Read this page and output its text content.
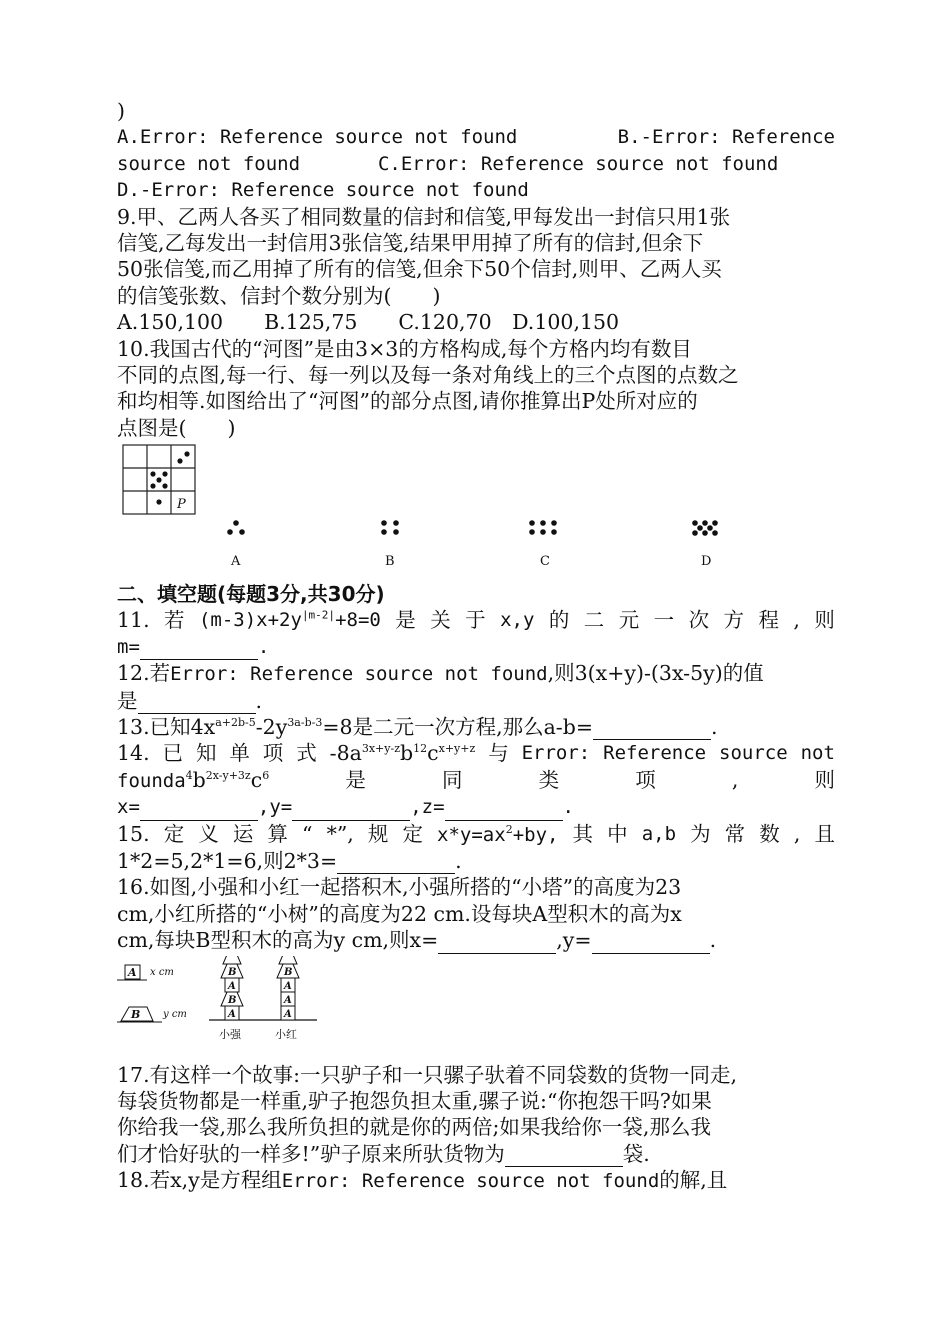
)

A.Error: Reference source not found	B.-Error: Reference

source not found	C.Error: Reference source not found

D.-Error: Reference source not found

9.甲、乙两人各买了相同数量的信封和信笺,甲每发出一封信只用1张

信笺,乙每发出一封信用3张信笺,结果甲用掉了所有的信封,但余下

50张信笺,而乙用掉了所有的信笺,但余下50个信封,则甲、乙两人买

的信笺张数、信封个数分别为(　　)

A.150,100　　B.125,75　　C.120,70　D.100,150

10.我国古代的“河图”是由3×3的方格构成,每个方格内均有数目

不同的点图,每一行、每一列以及每一条对角线上的三个点图的点数之

和均相等.如图给出了“河图”的部分点图,请你推算出P处所对应的

点图是(　　)

P
A	B	C	D

二、填空题(每题3分,共30分)

11. 若 $(m-3)x+2y^{|m-2|}+8=0$ 是 关 于 x,y 的 二 元 一 次 方 程 , 则

m=	.

12.若Error: Reference source not found,则3(x+y)-(3x-5y)的值

是	.

13.已知$4x^{a+2b-5}-2y^{3a-b-3}=8$是二元一次方程,那么a-b=	.

14. 已 知 单 项 式 $-8a^{3x+y-z}b^{12}c^{x+y+z}$ 与 Error: Reference source not

$founda^4b^{2x-y+3z}c^6$	是	同	类	项	,	则

x=	,y=	,z=	.

15. 定 义 运 算 “ *”, 规 定 $x*y=ax^2+by$, 其 中 a,b 为 常 数 , 且

1*2=5,2*1=6,则2*3=	.

16.如图,小强和小红一起搭积木,小强所搭的“小塔”的高度为23

cm,小红所搭的“小树”的高度为22 cm.设每块A型积木的高为x

cm,每块B型积木的高为y cm,则x=	,y=	.

A x cm
B y cm	A
B
A
B
A
A
A
B
小强	小红

17.有这样一个故事:一只驴子和一只骡子驮着不同袋数的货物一同走,

每袋货物都是一样重,驴子抱怨负担太重,骡子说:“你抱怨干吗?如果

你给我一袋,那么我所负担的就是你的两倍;如果我给你一袋,那么我

们才恰好驮的一样多!”驴子原来所驮货物为	袋.

18.若x,y是方程组Error: Reference source not found的解,且
